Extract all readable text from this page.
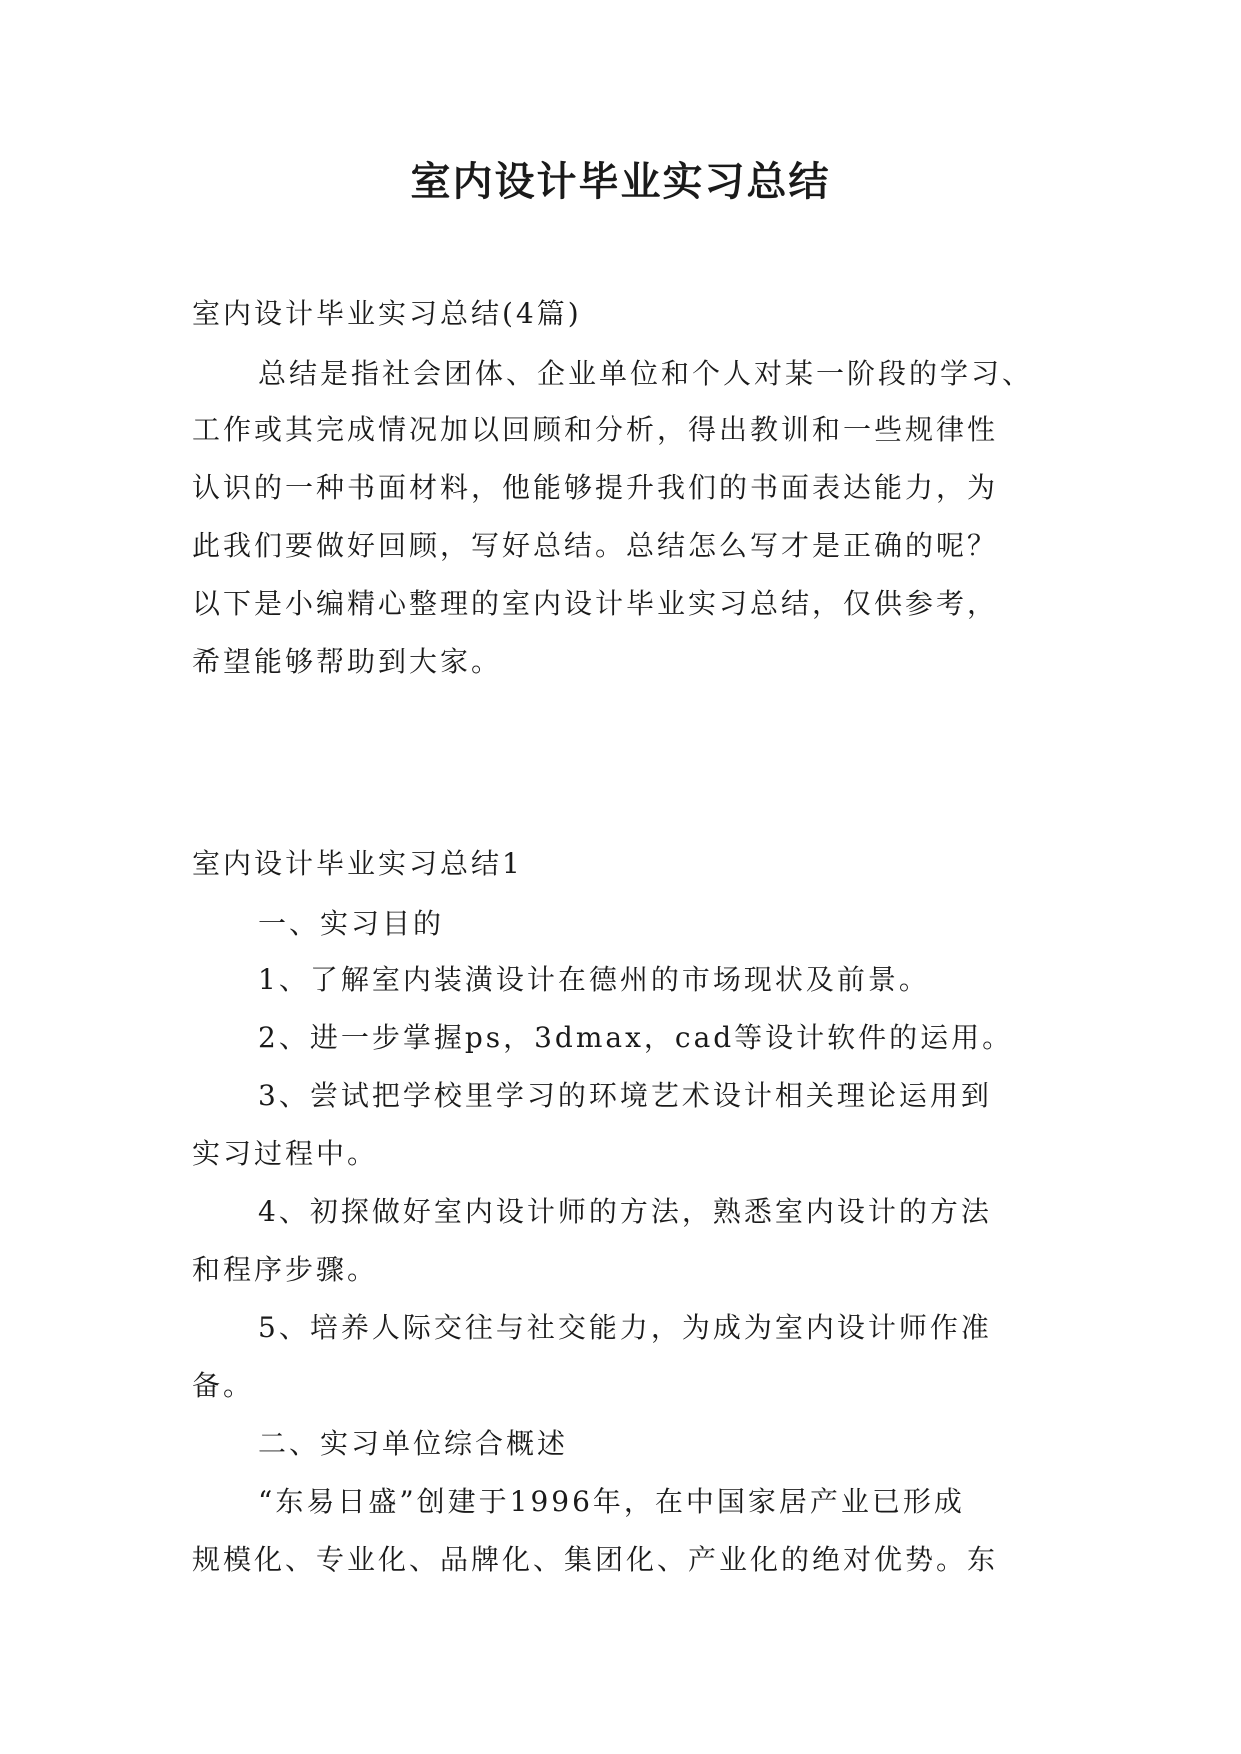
室内设计毕业实习总结

室内设计毕业实习总结(4篇)

总结是指社会团体、企业单位和个人对某一阶段的学习、

工作或其完成情况加以回顾和分析，得出教训和一些规律性

认识的一种书面材料，他能够提升我们的书面表达能力，为

此我们要做好回顾，写好总结。总结怎么写才是正确的呢？

以下是小编精心整理的室内设计毕业实习总结，仅供参考，

希望能够帮助到大家。

室内设计毕业实习总结1

一、实习目的

1、了解室内装潢设计在德州的市场现状及前景。

2、进一步掌握ps，3dmax，cad等设计软件的运用。

3、尝试把学校里学习的环境艺术设计相关理论运用到

实习过程中。

4、初探做好室内设计师的方法，熟悉室内设计的方法

和程序步骤。

5、培养人际交往与社交能力，为成为室内设计师作准

备。

二、实习单位综合概述

“东易日盛”创建于1996年，在中国家居产业已形成

规模化、专业化、品牌化、集团化、产业化的绝对优势。东
